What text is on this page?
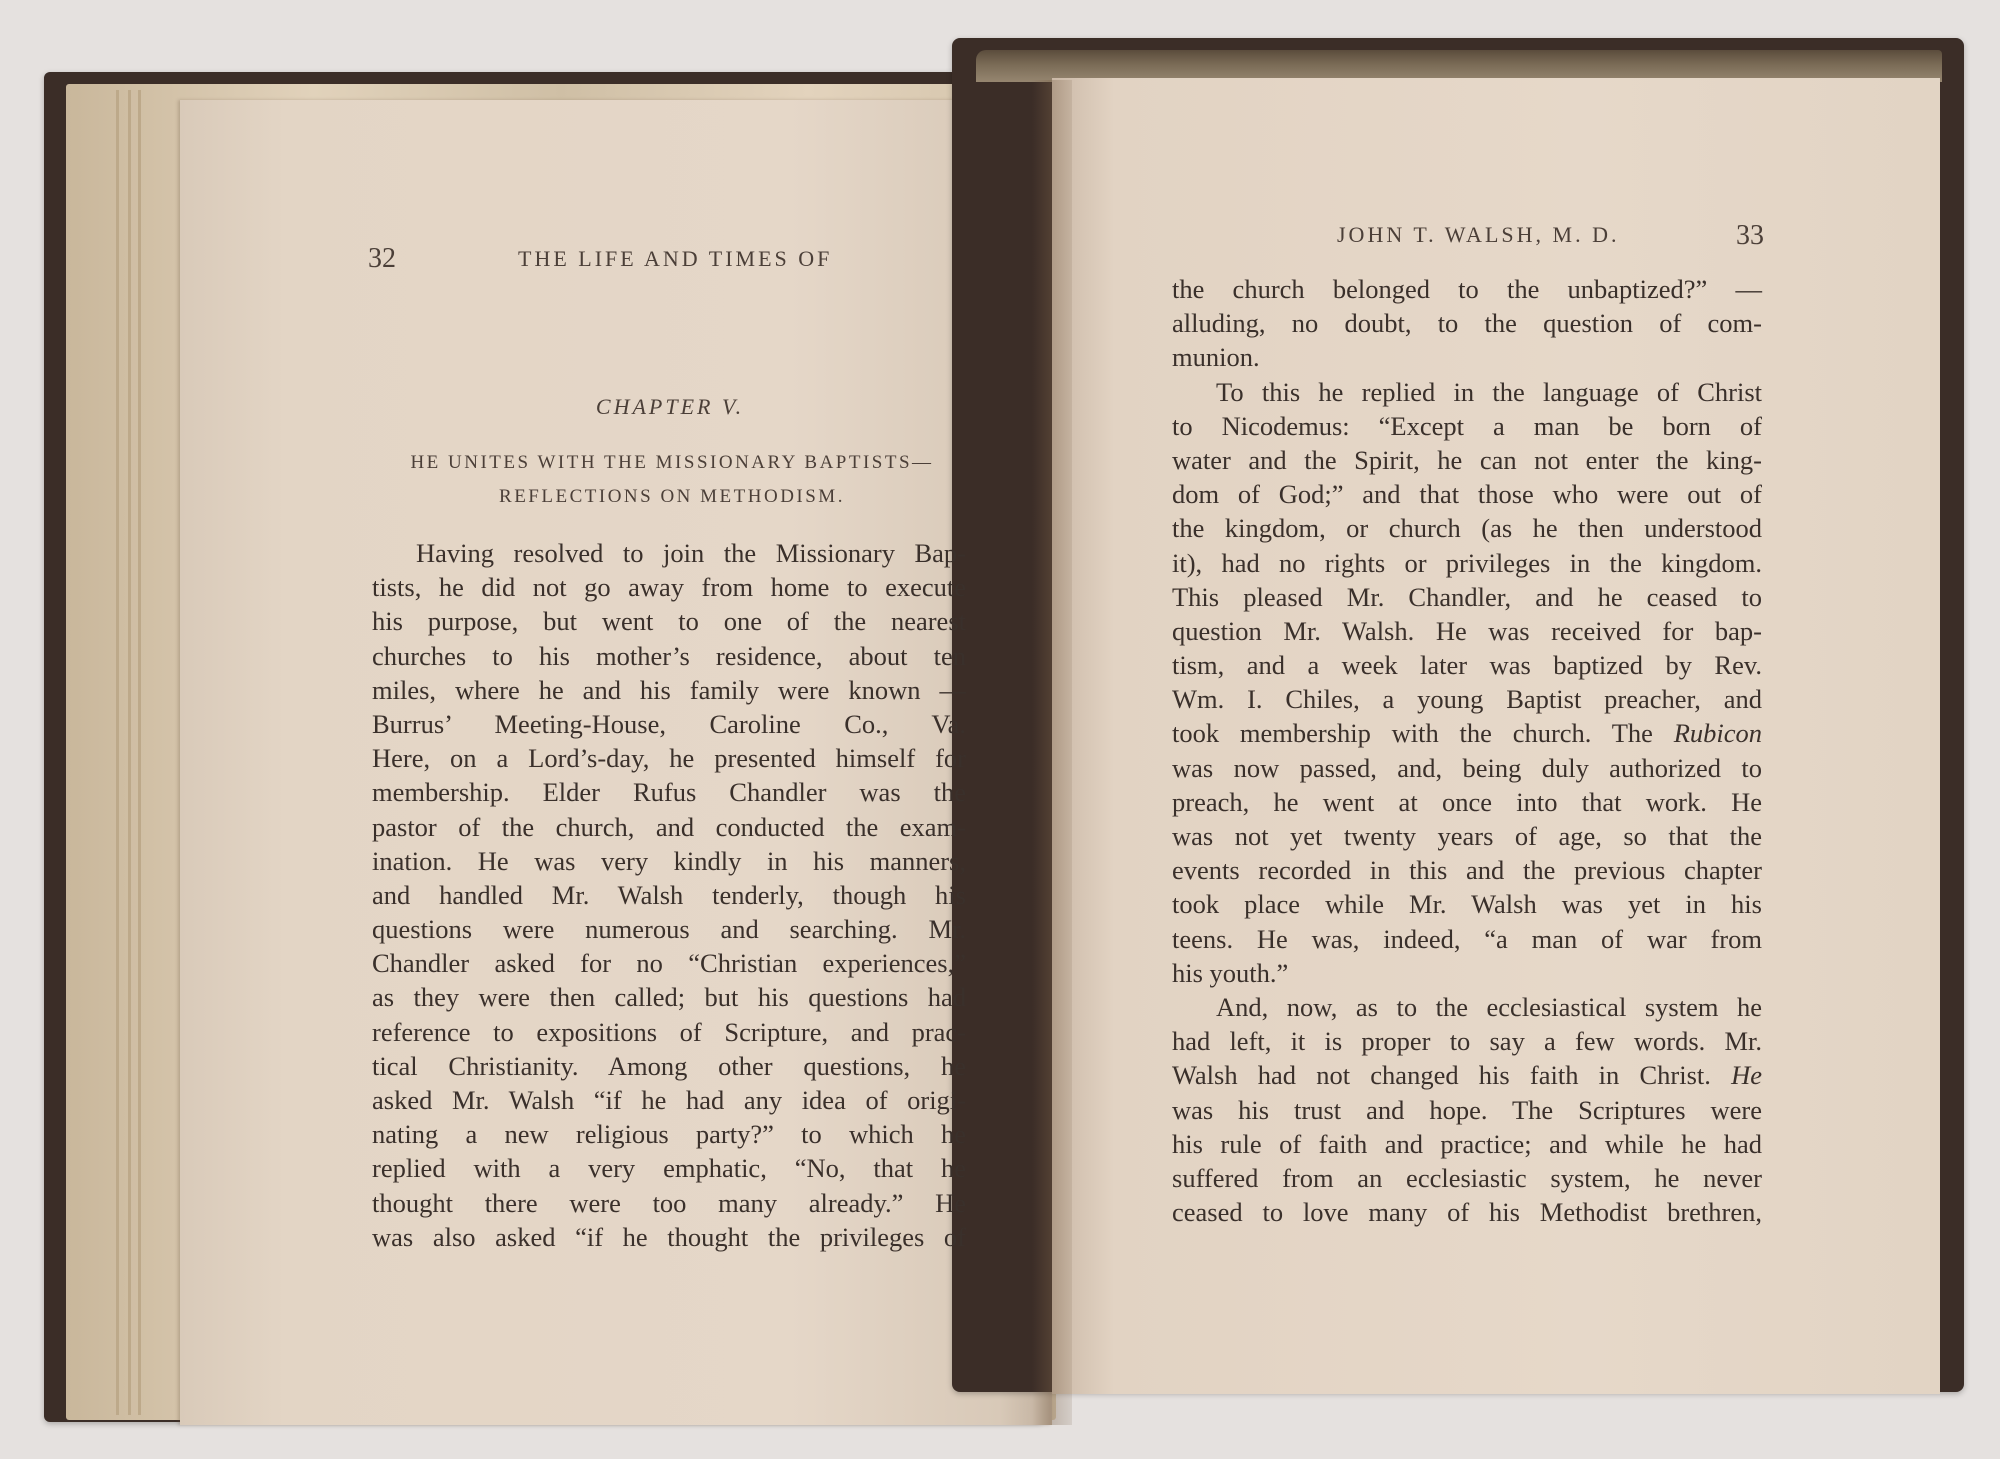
32	THE LIFE AND TIMES OF
CHAPTER V.
HE UNITES WITH THE MISSIONARY BAPTISTS—
REFLECTIONS ON METHODISM.
Having resolved to join the Missionary Bap-
tists, he did not go away from home to execute
his purpose, but went to one of the nearest
churches to his mother’s residence, about ten
miles, where he and his family were known —
Burrus’ Meeting-House, Caroline Co., Va.
Here, on a Lord’s-day, he presented himself for
membership. Elder Rufus Chandler was the
pastor of the church, and conducted the exam-
ination. He was very kindly in his manners,
and handled Mr. Walsh tenderly, though his
questions were numerous and searching. Mr.
Chandler asked for no “Christian experiences,”
as they were then called; but his questions had
reference to expositions of Scripture, and prac-
tical Christianity. Among other questions, he
asked Mr. Walsh “if he had any idea of origi-
nating a new religious party?” to which he
replied with a very emphatic, “No, that he
thought there were too many already.” He
was also asked “if he thought the privileges of
JOHN T. WALSH, M. D.	33
the church belonged to the unbaptized?” —
alluding, no doubt, to the question of com-
munion.
To this he replied in the language of Christ
to Nicodemus: “Except a man be born of
water and the Spirit, he can not enter the king-
dom of God;” and that those who were out of
the kingdom, or church (as he then understood
it), had no rights or privileges in the kingdom.
This pleased Mr. Chandler, and he ceased to
question Mr. Walsh. He was received for bap-
tism, and a week later was baptized by Rev.
Wm. I. Chiles, a young Baptist preacher, and
took membership with the church. The Rubicon
was now passed, and, being duly authorized to
preach, he went at once into that work. He
was not yet twenty years of age, so that the
events recorded in this and the previous chapter
took place while Mr. Walsh was yet in his
teens. He was, indeed, “a man of war from
his youth.”
And, now, as to the ecclesiastical system he
had left, it is proper to say a few words. Mr.
Walsh had not changed his faith in Christ. He
was his trust and hope. The Scriptures were
his rule of faith and practice; and while he had
suffered from an ecclesiastic system, he never
ceased to love many of his Methodist brethren,
